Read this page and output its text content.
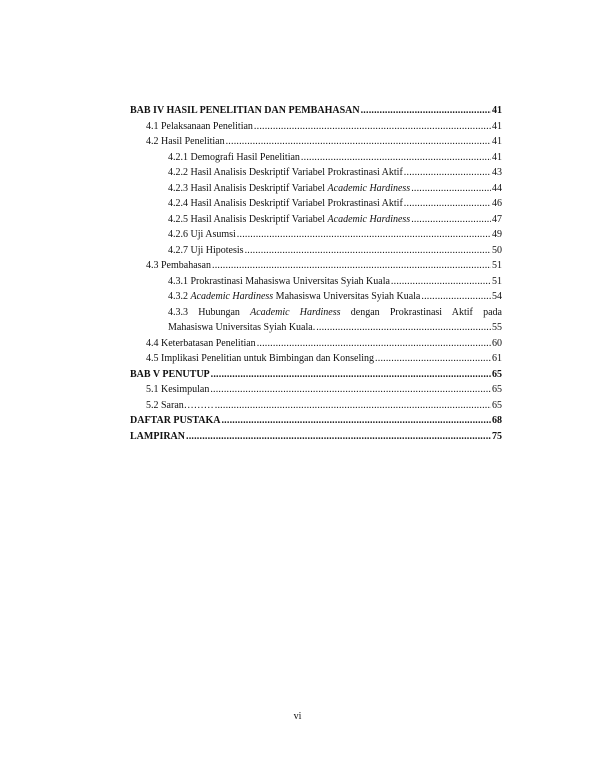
BAB IV HASIL PENELITIAN DAN PEMBAHASAN .....	41
4.1 Pelaksanaan Penelitian .....	41
4.2 Hasil Penelitian .....	41
4.2.1 Demografi Hasil Penelitian .....	41
4.2.2 Hasil Analisis Deskriptif Variabel Prokrastinasi Aktif .....	43
4.2.3 Hasil Analisis Deskriptif Variabel Academic Hardiness .....	44
4.2.4 Hasil Analisis Deskriptif Variabel Prokrastinasi Aktif .....	46
4.2.5 Hasil Analisis Deskriptif Variabel Academic Hardiness .....	47
4.2.6 Uji Asumsi .....	49
4.2.7 Uji Hipotesis .....	50
4.3 Pembahasan .....	51
4.3.1 Prokrastinasi Mahasiswa Universitas Syiah Kuala .....	51
4.3.2 Academic Hardiness Mahasiswa Universitas Syiah Kuala .....	54
4.3.3 Hubungan Academic Hardiness dengan Prokrastinasi Aktif pada
Mahasiswa Universitas Syiah Kuala. .....	55
4.4 Keterbatasan Penelitian .....	60
4.5 Implikasi Penelitian untuk Bimbingan dan Konseling .....	61
BAB V PENUTUP .....	65
5.1 Kesimpulan .....	65
5.2 Saran……… .....	65
DAFTAR PUSTAKA .....	68
LAMPIRAN .....	75
vi
